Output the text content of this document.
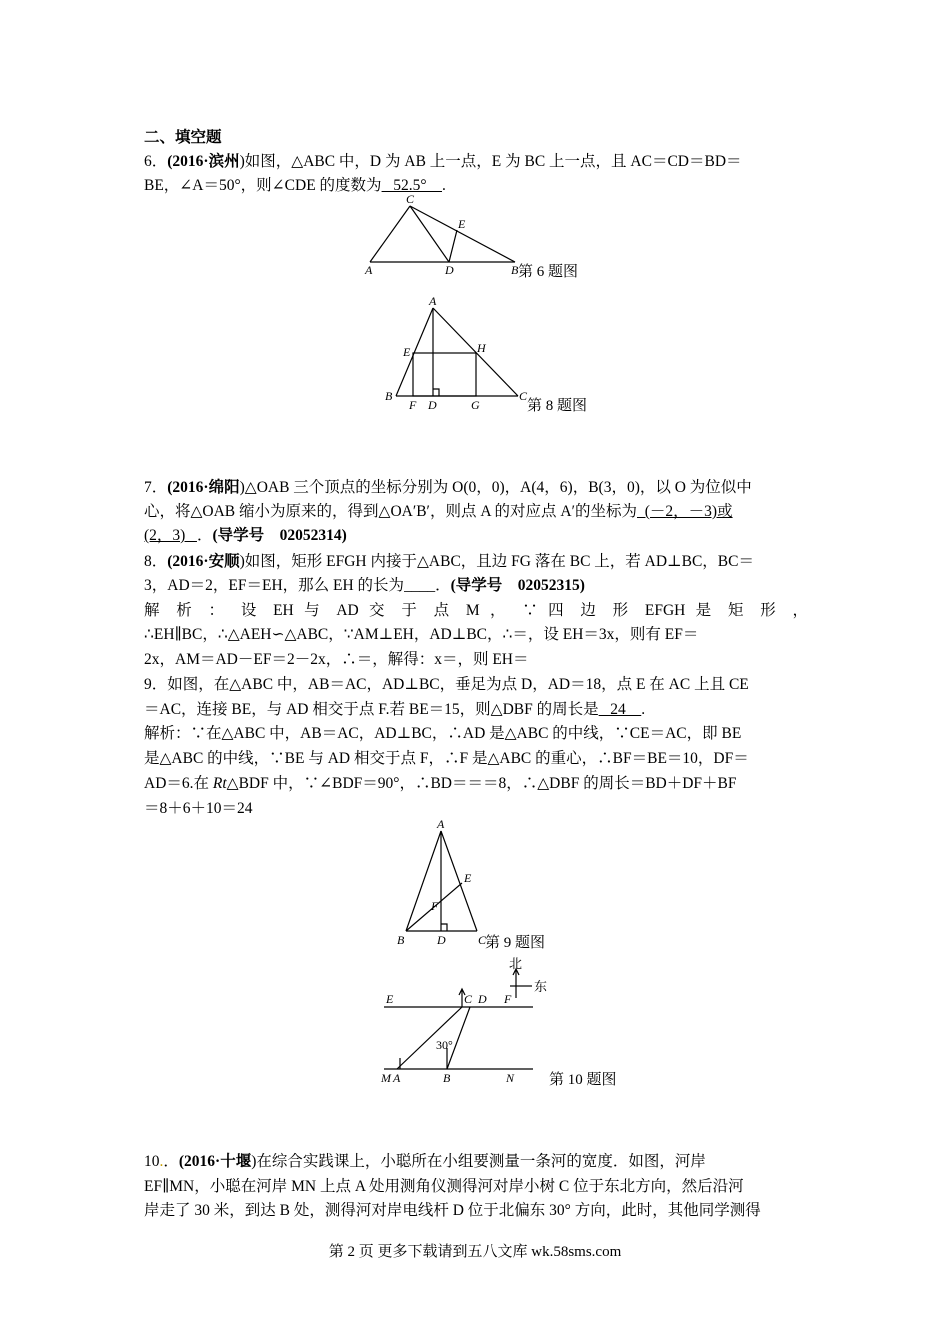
二、填空题
6．(2016·滨州)如图，△ABC 中，D 为 AB 上一点，E 为 BC 上一点，且 AC＝CD＝BD＝
BE，∠A＝50°，则∠CDE 的度数为   52.5°    .
A
C
D
E
B 第 6 题图
A
B	C
D
E
F	G
H
第 8 题图
7．(2016·绵阳)△OAB 三个顶点的坐标分别为 O(0，0)，A(4，6)，B(3，0)，以 O 为位似中
心，将△OAB 缩小为原来的，得到△OA′B′，则点 A 的对应点 A′的坐标为  (－2，－3)或
(2，3)   ．(导学号　02052314)
8．(2016·安顺)如图，矩形 EFGH 内接于△ABC，且边 FG 落在 BC 上，若 AD⊥BC，BC＝
3，AD＝2，EF＝EH，那么 EH 的长为____．(导学号　02052315)
解 析 ： 设 EH 与 AD 交 于 点 M ， ∵ 四 边 形 EFGH 是 矩 形 ，
∴EH∥BC，∴△AEH∽△ABC，∵AM⊥EH，AD⊥BC，∴＝，设 EH＝3x，则有 EF＝
2x，AM＝AD－EF＝2－2x，∴＝，解得：x＝，则 EH＝
9．如图，在△ABC 中，AB＝AC，AD⊥BC，垂足为点 D，AD＝18，点 E 在 AC 上且 CE
＝AC，连接 BE，与 AD 相交于点 F.若 BE＝15，则△DBF 的周长是   24    .
解析：∵在△ABC 中，AB＝AC，AD⊥BC，∴AD 是△ABC 的中线，∵CE＝AC，即 BE
是△ABC 的中线，∵BE 与 AD 相交于点 F，∴F 是△ABC 的重心，∴BF＝BE＝10，DF＝
AD＝6.在 Rt△BDF 中，∵∠BDF＝90°，∴BD＝＝＝8，∴△DBF 的周长＝BD＋DF＋BF
＝8＋6＋10＝24
A
B	C
D
E
F
第 9 题图
E	C D F
M A	B	N
30°
北
东
第 10 题图
10.．(2016·十堰)在综合实践课上，小聪所在小组要测量一条河的宽度．如图，河岸
EF∥MN，小聪在河岸 MN 上点 A 处用测角仪测得河对岸小树 C 位于东北方向，然后沿河
岸走了 30 米，到达 B 处，测得河对岸电线杆 D 位于北偏东 30° 方向，此时，其他同学测得
第 2 页 更多下载请到五八文库 wk.58sms.com
